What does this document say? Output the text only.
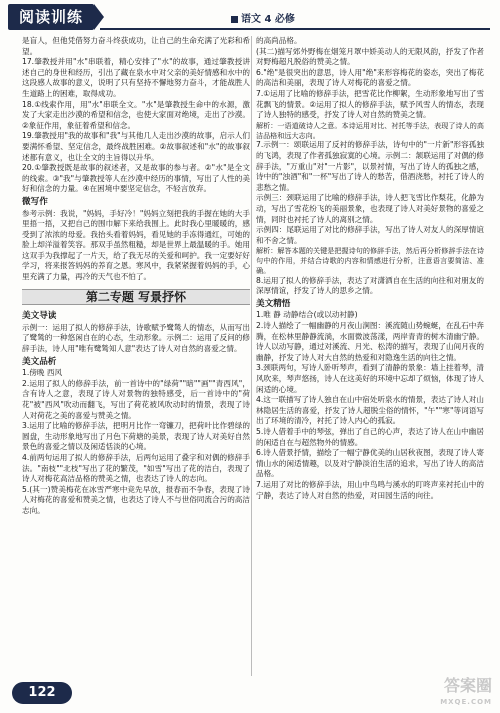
阅读训练	语文 4 必修

是盲人，但他凭借努力奋斗终获成功，让自己的生命充满了光彩和希望。

17.肇教授并用"水"串联着，精心安排了"水"的故事，通过肇教授讲述自己的身世和经历，引出了藏在泉水中对父亲的美好情感和水中的这段感人故事的意义，说明了只有坚持不懈地努力奋斗，才能战胜人生道路上的困难，取得成功。

18.①线索作用，用"水"串联全文。"水"是肇教授生命中的水源，激发了大家走出沙漠的希望和信念，也使大家面对绝境，走出了沙漠。②象征作用，象征着希望和信念。

19.肇教授用"我的故事和"我"与其他几人走出沙漠的故事，启示人们要满怀希望、坚定信念，最终战胜困难。②故事叙述和"水"的故事叙述都有意义，也让全文的主旨得以升华。

20.①肇教授既是故事的叙述者，又是故事的参与者。②"水"是全文的线索。③"我"与肇教授等人在沙漠中经历的事情，写出了人性的美好和信念的力量。④在困境中要坚定信念，不轻言放弃。

微写作

参考示例：我说，"妈妈，手好冷！"妈妈立刻把我的手握在她的大手里捂一捂，又把自己的围巾解下来给我围上。此时我心里暖暖的，感受到了浓浓的母爱。我抬头看着妈妈，看见她的手冻得通红，可她的脸上却洋溢着笑容。那双手虽然粗糙，却是世界上最温暖的手。她用这双手为我撑起了一片天，给了我无尽的关爱和呵护。我一定要好好学习，将来报答妈妈的养育之恩。寒风中，我紧紧握着妈妈的手，心里充满了力量，再冷的天气也不怕了。

第二专题 写景抒怀
美文导读

示例一：运用了拟人的修辞手法，诗歌赋予鹭鸶人的情态，从而写出了鹭鸶的一种悠闲自在的心态，生动形象。示例二：运用了反问的修辞手法，诗人用"唯有鹭鸶知人意"表达了诗人对自然的喜爱之情。

美文品析

1.傍晚 西风

2.运用了拟人的修辞手法，前一首诗中的"绿荷""暗""画""青西风"，含有诗人之意，表现了诗人对景物的独特感受，后一首诗中的"荷花"被"西风"吹动而翻飞，写出了荷花被风吹动时的情景，表现了诗人对荷花之美的喜爱与赞美之情。

3.运用了比喻的修辞手法，把明月比作一弯镰刀，把荷叶比作碧绿的圆盘，生动形象地写出了月色下荷塘的美景，表现了诗人对美好自然景色的喜爱之情以及闲适恬淡的心境。

4.前两句运用了拟人的修辞手法，后两句运用了叠字和对偶的修辞手法。"南枝""北枝"写出了花的繁茂，"如雪"写出了花的洁白，表现了诗人对梅花高洁品格的赞美之情，也表达了诗人的志向。

5.(其一)赞美梅花在冰雪严寒中竞先早放，报春而不争春，表现了诗人对梅花的喜爱和赞美之情，也表达了诗人不与世俗同流合污的高洁志向。

的高尚品格。

(其二)描写郊外野梅在烟笼月罩中娇美动人的无限风韵，抒发了作者对野梅超凡脱俗的赞美之情。

6."绝"是很突出的意思，诗人用"绝"来形容梅花的姿态，突出了梅花的高洁和美丽，表现了诗人对梅花的喜爱之情。

7.①运用了比喻的修辞手法，把雪花比作柳絮，生动形象地写出了雪花飘飞的情景。②运用了拟人的修辞手法，赋予风雪人的情态，表现了诗人独特的感受，抒发了诗人对自然的赞美之情。

解析：一语道破诗人之意。本诗运用对比、衬托等手法，表现了诗人的高洁品格和远大志向。

7.示例一：颂联运用了反衬的修辞手法，诗句中的"一片新"形容孤独的飞鸿，表现了作者孤独寂寞的心境。示例二：颔联运用了对偶的修辞手法，"万重山"对"一片影"，以景衬情，写出了诗人的孤独之感，诗中的"浊酒"和"一杯"写出了诗人的愁苦，借酒浇愁，衬托了诗人的悲愁之情。

示例三：颈联运用了比喻的修辞手法，诗人把飞雪比作梨花，化静为动，写出了雪花纷飞的美丽景象，也表现了诗人对美好景物的喜爱之情，同时也衬托了诗人的离别之情。

示例四：尾联运用了对比的修辞手法，写出了诗人对友人的深厚情谊和不舍之情。

解析：解答本题的关键是把握诗句的修辞手法，然后再分析修辞手法在诗句中的作用，并结合诗歌的内容和情感进行分析，注意语言要简洁、准确。

8.运用了拟人的修辞手法，表达了对潇洒自在生活的向往和对朋友的深厚情谊，抒发了诗人的思乡之情。

美文精悟

1.唯 静 动静结合(或以动衬静)

2.诗人描绘了一幅幽静的月夜山涧图：溪流随山势蜿蜒，在乱石中奔腾，在松林里静静流淌，水面微波荡漾，两岸青青的树木清幽宁静。诗人以动写静，通过对溪流、月光、松涛的描写，表现了山间月夜的幽静，抒发了诗人对大自然的热爱和对隐逸生活的向往之情。

3.颈联两句，写诗人卧听琴声，看到了清静的景象：墙上挂着琴，清风吹来，琴声悠扬，诗人在这美好的环境中忘却了烦恼，体现了诗人闲适的心境。

4.这一联描写了诗人独自在山中宿处听泉水的情景，表达了诗人对山林隐居生活的喜爱，抒发了诗人超脱尘俗的情怀，"午""寒"等词语写出了环境的清冷，衬托了诗人内心的孤寂。

5.诗人借着手中的琴弦，弹出了自己的心声，表达了诗人在山中幽居的闲适自在与超然物外的情感。

6.诗人借景抒情，描绘了一幅宁静优美的山居秋夜图，表现了诗人寄情山水的闲适情趣，以及对宁静淡泊生活的追求，写出了诗人的高洁品格。

7.运用了对比的修辞手法，用山中鸟鸣与溪水的叮咚声来衬托山中的宁静，表达了诗人对自然的热爱，对田园生活的向往。

122	答案圈
MXQE.COM
